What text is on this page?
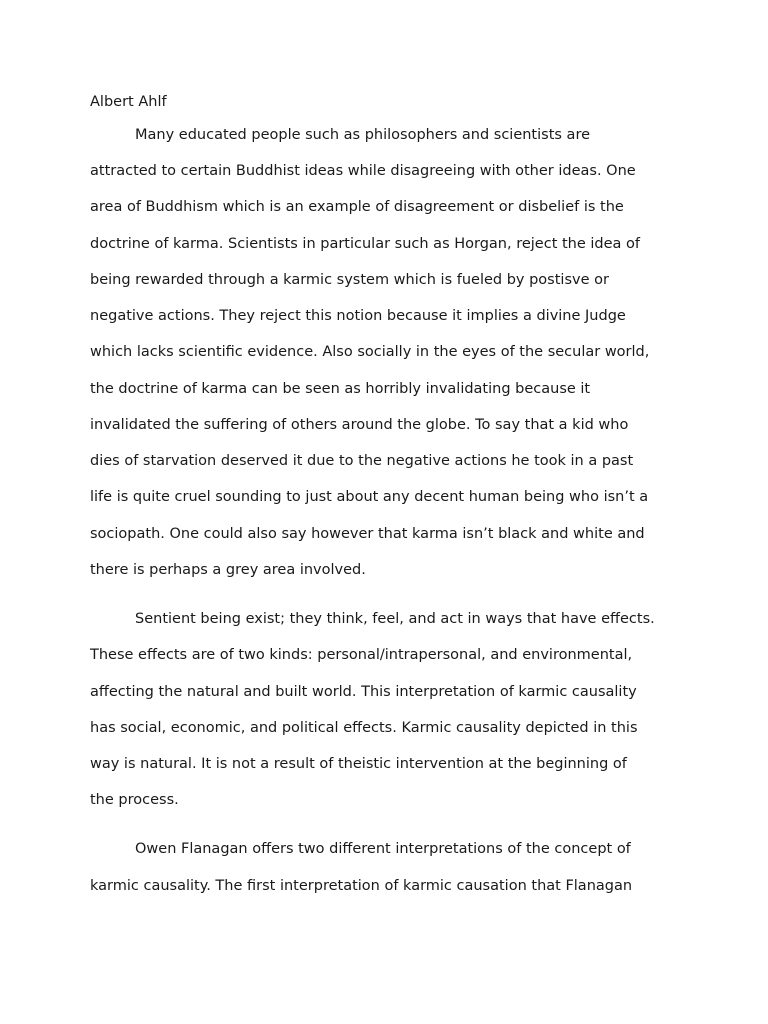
Albert Ahlf

Many educated people such as philosophers and scientists are

attracted to certain Buddhist ideas while disagreeing with other ideas. One

area of Buddhism which is an example of disagreement or disbelief is the

doctrine of karma. Scientists in particular such as Horgan, reject the idea of

being rewarded through a karmic system which is fueled by postisve or

negative actions. They reject this notion because it implies a divine Judge

which lacks scientific evidence. Also socially in the eyes of the secular world,

the doctrine of karma can be seen as horribly invalidating because it

invalidated the suffering of others around the globe. To say that a kid who

dies of starvation deserved it due to the negative actions he took in a past

life is quite cruel sounding to just about any decent human being who isn’t a

sociopath. One could also say however that karma isn’t black and white and

there is perhaps a grey area involved.

Sentient being exist; they think, feel, and act in ways that have effects.

These effects are of two kinds: personal/intrapersonal, and environmental,

affecting the natural and built world. This interpretation of karmic causality

has social, economic, and political effects. Karmic causality depicted in this

way is natural. It is not a result of theistic intervention at the beginning of

the process.

Owen Flanagan offers two different interpretations of the concept of

karmic causality. The first interpretation of karmic causation that Flanagan
